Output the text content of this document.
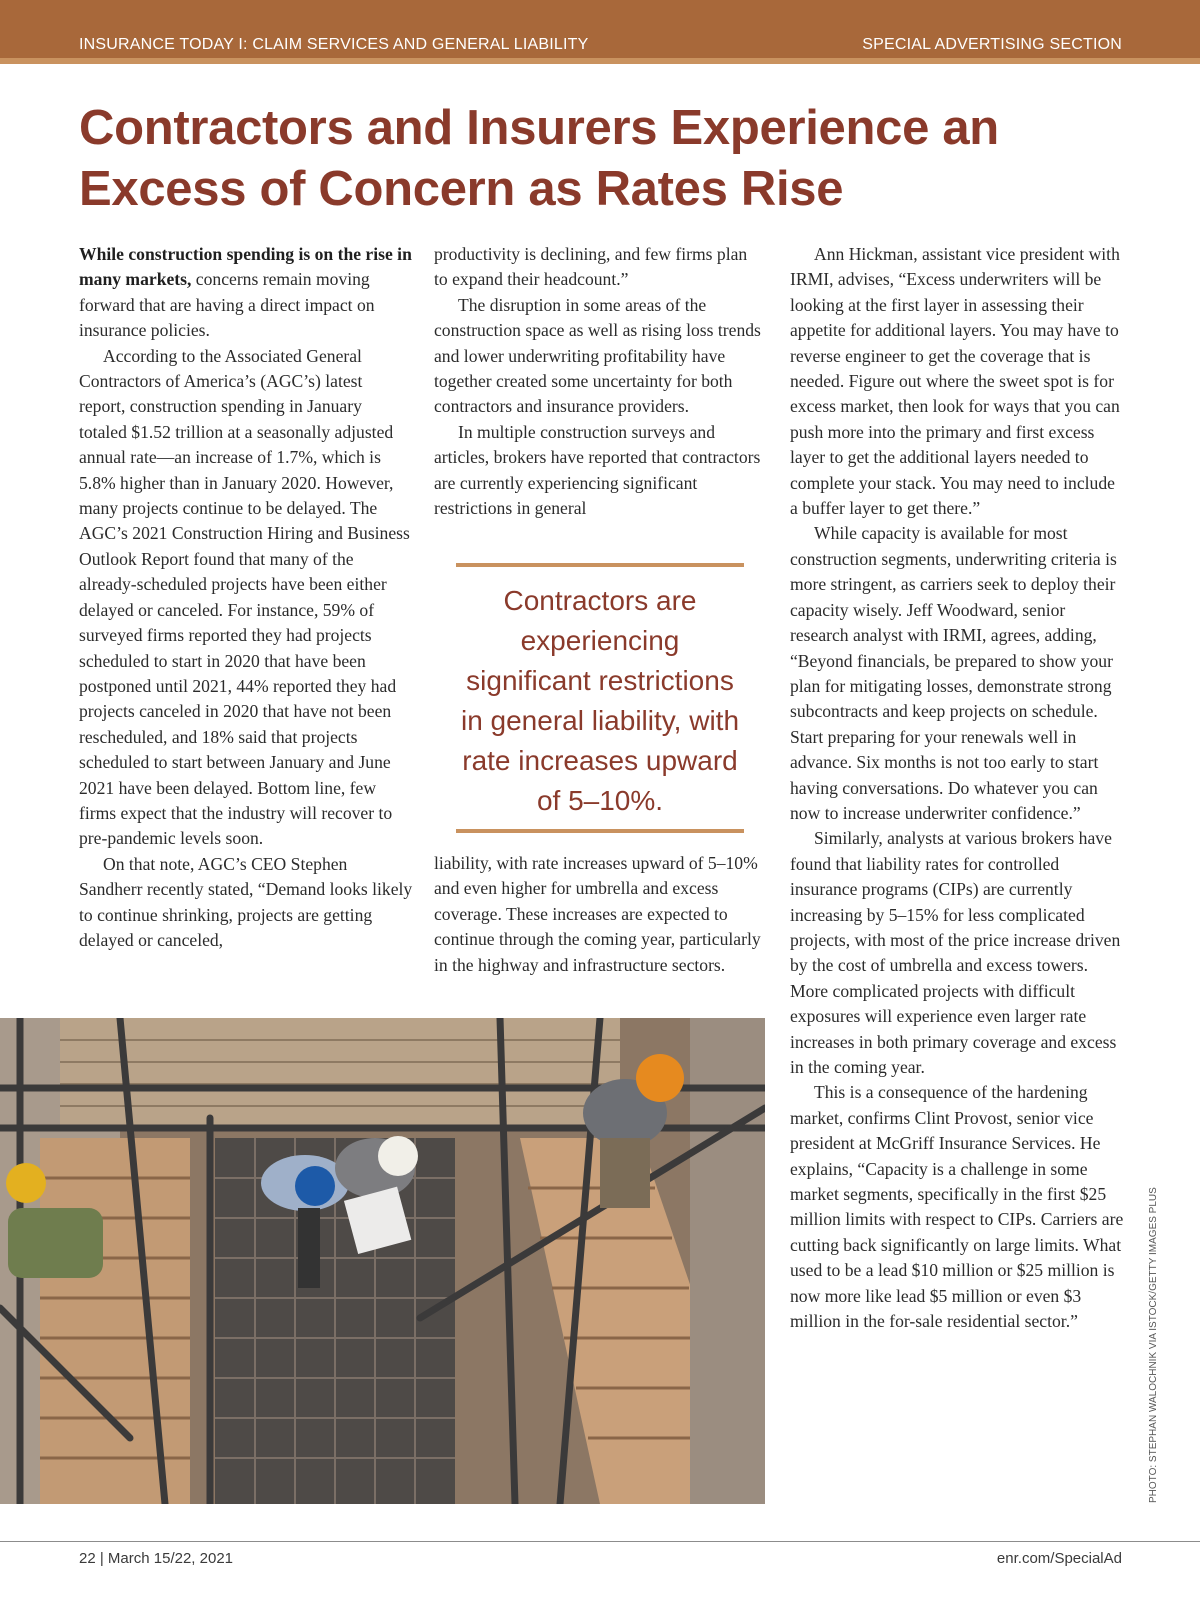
INSURANCE TODAY I: CLAIM SERVICES AND GENERAL LIABILITY	SPECIAL ADVERTISING SECTION
Contractors and Insurers Experience an
Excess of Concern as Rates Rise

While construction spending is on the rise in many markets, concerns remain moving forward that are having a direct impact on insurance policies.

According to the Associated General Contractors of America’s (AGC’s) latest report, construction spending in January totaled $1.52 trillion at a seasonally adjusted annual rate—an increase of 1.7%, which is 5.8% higher than in January 2020. However, many projects continue to be delayed. The AGC’s 2021 Construction Hiring and Business Outlook Report found that many of the already-scheduled projects have been either delayed or canceled. For instance, 59% of surveyed firms reported they had projects scheduled to start in 2020 that have been postponed until 2021, 44% reported they had projects canceled in 2020 that have not been rescheduled, and 18% said that projects scheduled to start between January and June 2021 have been delayed. Bottom line, few firms expect that the industry will recover to pre-pandemic levels soon.

On that note, AGC’s CEO Stephen Sandherr recently stated, “Demand looks likely to continue shrinking, projects are getting delayed or canceled,

productivity is declining, and few firms plan to expand their headcount.”

The disruption in some areas of the construction space as well as rising loss trends and lower underwriting profitability have together created some uncertainty for both contractors and insurance providers.

In multiple construction surveys and articles, brokers have reported that contractors are currently experiencing significant restrictions in general

Contractors are experiencing significant restrictions in general liability, with rate increases upward of 5–10%.

liability, with rate increases upward of 5–10% and even higher for umbrella and excess coverage. These increases are expected to continue through the coming year, particularly in the highway and infrastructure sectors.

Ann Hickman, assistant vice president with IRMI, advises, “Excess underwriters will be looking at the first layer in assessing their appetite for additional layers. You may have to reverse engineer to get the coverage that is needed. Figure out where the sweet spot is for excess market, then look for ways that you can push more into the primary and first excess layer to get the additional layers needed to complete your stack. You may need to include a buffer layer to get there.”

While capacity is available for most construction segments, underwriting criteria is more stringent, as carriers seek to deploy their capacity wisely. Jeff Woodward, senior research analyst with IRMI, agrees, adding, “Beyond financials, be prepared to show your plan for mitigating losses, demonstrate strong subcontracts and keep projects on schedule. Start preparing for your renewals well in advance. Six months is not too early to start having conversations. Do whatever you can now to increase underwriter confidence.”

Similarly, analysts at various brokers have found that liability rates for controlled insurance programs (CIPs) are currently increasing by 5–15% for less complicated projects, with most of the price increase driven by the cost of umbrella and excess towers. More complicated projects with difficult exposures will experience even larger rate increases in both primary coverage and excess in the coming year.

This is a consequence of the hardening market, confirms Clint Provost, senior vice president at McGriff Insurance Services. He explains, “Capacity is a challenge in some market segments, specifically in the first $25 million limits with respect to CIPs. Carriers are cutting back significantly on large limits. What used to be a lead $10 million or $25 million is now more like lead $5 million or even $3 million in the for-sale residential sector.”	PHOTO: STEPHAN WALOCHNIK VIA ISTOCK/GETTY IMAGES PLUS
22 | March 15/22, 2021	enr.com/SpecialAd
